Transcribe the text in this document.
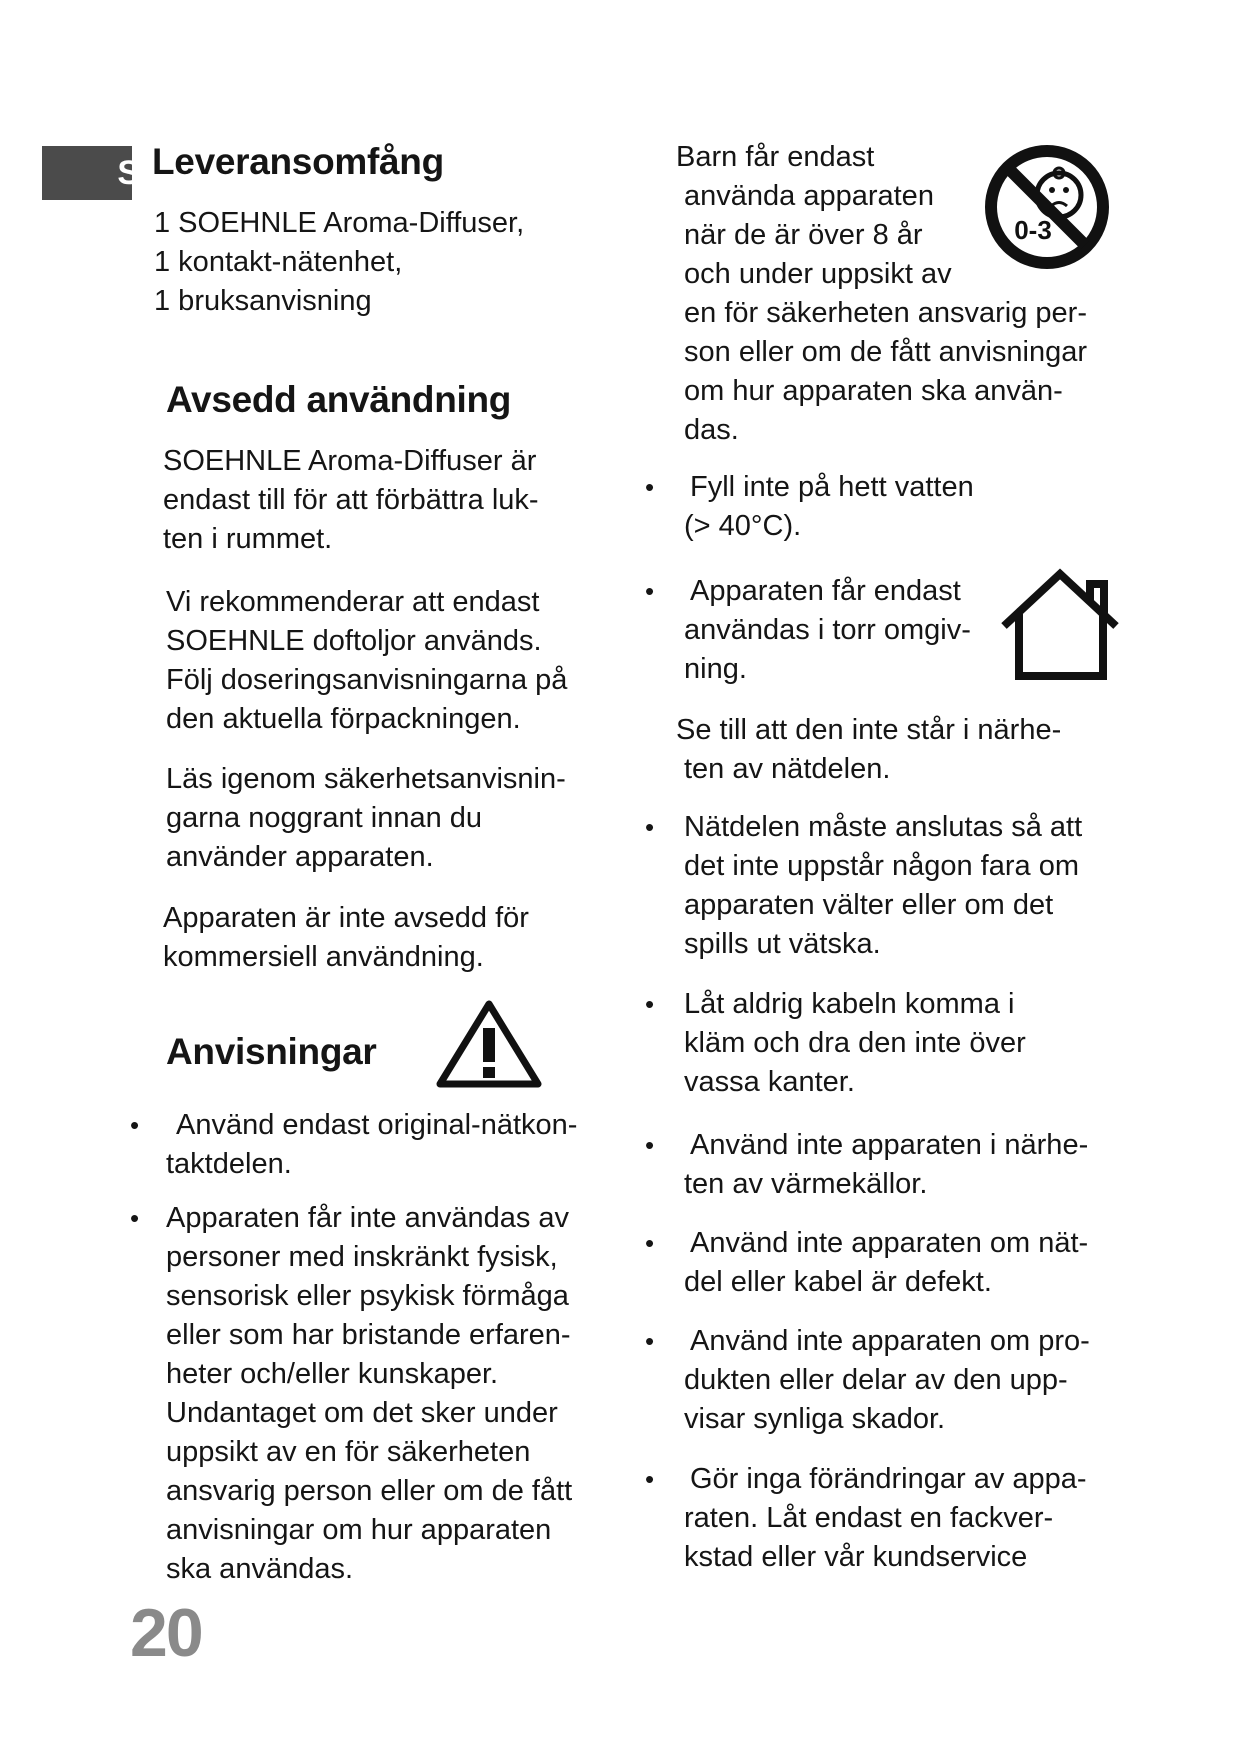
S Leveransomfång
1 SOEHNLE Aroma-Diffuser,
1 kontakt-nätenhet,
1 bruksanvisning
Avsedd användning
SOEHNLE Aroma-Diffuser är
endast till för att förbättra luk-
ten i rummet.
Vi rekommenderar att endast
SOEHNLE doftoljor används.
Följ doseringsanvisningarna på
den aktuella förpackningen.
Läs igenom säkerhetsanvisnin-
garna noggrant innan du
använder apparaten.
Apparaten är inte avsedd för
kommersiell användning.
Anvisningar
•	Använd endast original-nätkon-
taktdelen.
• Apparaten får inte användas av
personer med inskränkt fysisk,
sensorisk eller psykisk förmåga
eller som har bristande erfaren-
heter och/eller kunskaper.
Undantaget om det sker under
uppsikt av en för säkerheten
ansvarig person eller om de fått
anvisningar om hur apparaten
ska användas.
20
Barn får endast
använda apparaten
när de är över 8 år
och under uppsikt av
en för säkerheten ansvarig per-
son eller om de fått anvisningar
om hur apparaten ska använ-
das.
0-3
• Fyll inte på hett vatten
(> 40°C).
• Apparaten får endast
användas i torr omgiv-
ning.
Se till att den inte står i närhe-
ten av nätdelen.
• Nätdelen måste anslutas så att
det inte uppstår någon fara om
apparaten välter eller om det
spills ut vätska.
• Låt aldrig kabeln komma i
kläm och dra den inte över
vassa kanter.
• Använd inte apparaten i närhe-
ten av värmekällor.
• Använd inte apparaten om nät-
del eller kabel är defekt.
• Använd inte apparaten om pro-
dukten eller delar av den upp-
visar synliga skador.
• Gör inga förändringar av appa-
raten. Låt endast en fackver-
kstad eller vår kundservice
